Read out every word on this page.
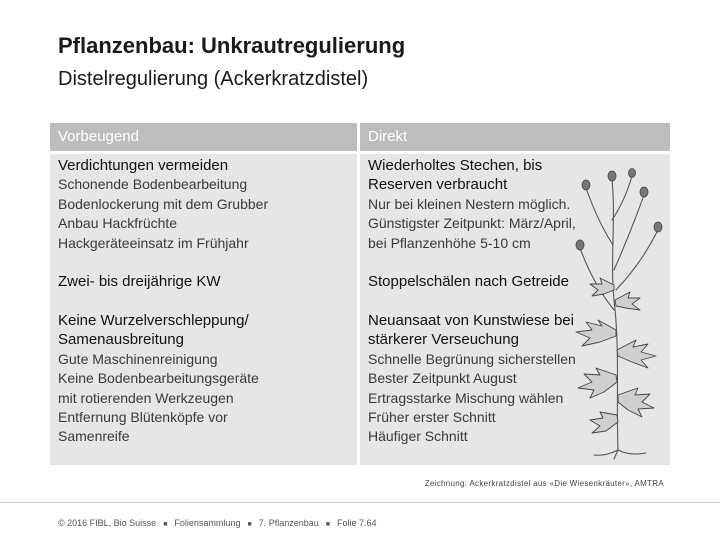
Pflanzenbau: Unkrautregulierung
Distelregulierung (Ackerkratzdistel)
Vorbeugend	Direkt
Verdichtungen vermeiden
Schonende Bodenbearbeitung
Bodenlockerung mit dem Grubber
Anbau Hackfrüchte
Hackgeräteeinsatz im Frühjahr
Wiederholtes Stechen, bis Reserven verbraucht
Nur bei kleinen Nestern möglich.
Günstigster Zeitpunkt: März/April,
bei Pflanzenhöhe 5-10 cm
Zwei- bis dreijährige KW	Stoppelschälen nach Getreide
Keine Wurzelverschleppung/ Samenausbreitung
Gute Maschinenreinigung
Keine Bodenbearbeitungsgeräte
mit rotierenden Werkzeugen
Entfernung Blütenköpfe vor
Samenreife
Neuansaat von Kunstwiese bei stärkerer Verseuchung
Schnelle Begrünung sicherstellen
Bester Zeitpunkt August
Ertragsstarke Mischung wählen
Früher erster Schnitt
Häufiger Schnitt
Zeichnung: Ackerkratzdistel aus «Die Wiesenkräuter», AMTRA
© 2016 FIBL, Bio Suisse ■ Foliensammlung ■ 7. Pflanzenbau ■ Folie 7.64
